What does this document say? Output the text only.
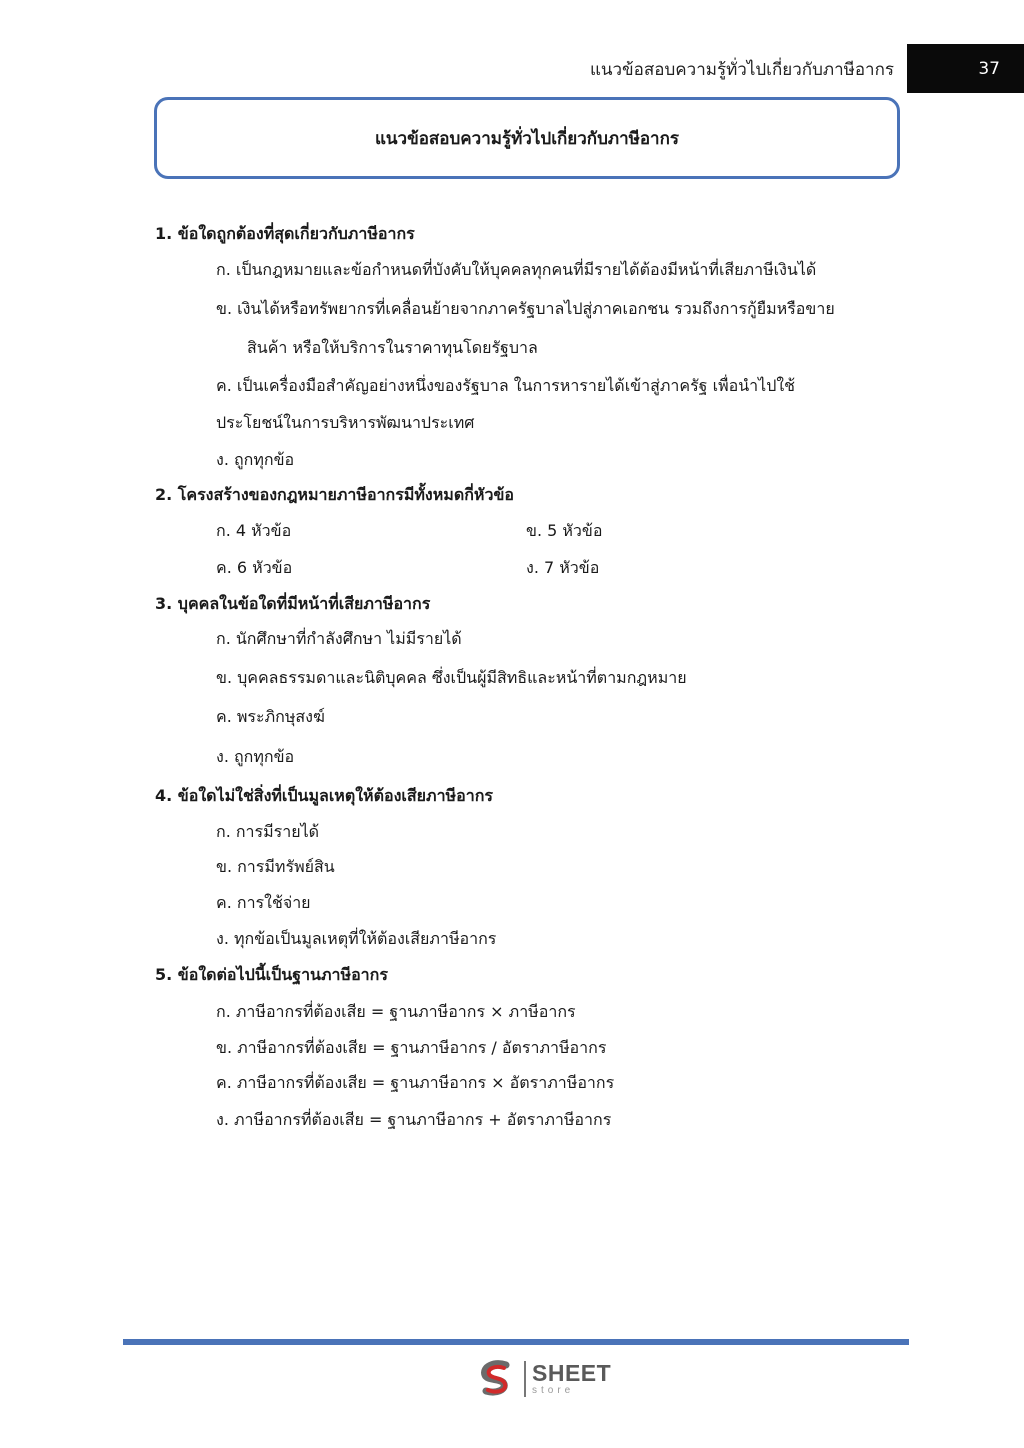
แนวข้อสอบความรู้ทั่วไปเกี่ยวกับภาษีอากร	37
แนวข้อสอบความรู้ทั่วไปเกี่ยวกับภาษีอากร
1. ข้อใดถูกต้องที่สุดเกี่ยวกับภาษีอากร
ก. เป็นกฎหมายและข้อกำหนดที่บังคับให้บุคคลทุกคนที่มีรายได้ต้องมีหน้าที่เสียภาษีเงินได้
ข. เงินได้หรือทรัพยากรที่เคลื่อนย้ายจากภาครัฐบาลไปสู่ภาคเอกชน รวมถึงการกู้ยืมหรือขาย
สินค้า หรือให้บริการในราคาทุนโดยรัฐบาล
ค. เป็นเครื่องมือสำคัญอย่างหนึ่งของรัฐบาล ในการหารายได้เข้าสู่ภาครัฐ เพื่อนำไปใช้
ประโยชน์ในการบริหารพัฒนาประเทศ
ง. ถูกทุกข้อ
2. โครงสร้างของกฎหมายภาษีอากรมีทั้งหมดกี่หัวข้อ
ก. 4 หัวข้อ	ข. 5 หัวข้อ
ค. 6 หัวข้อ	ง. 7 หัวข้อ
3. บุคคลในข้อใดที่มีหน้าที่เสียภาษีอากร
ก. นักศึกษาที่กำลังศึกษา ไม่มีรายได้
ข. บุคคลธรรมดาและนิติบุคคล ซึ่งเป็นผู้มีสิทธิและหน้าที่ตามกฎหมาย
ค. พระภิกษุสงฆ์
ง. ถูกทุกข้อ
4. ข้อใดไม่ใช่สิ่งที่เป็นมูลเหตุให้ต้องเสียภาษีอากร
ก. การมีรายได้
ข. การมีทรัพย์สิน
ค. การใช้จ่าย
ง. ทุกข้อเป็นมูลเหตุที่ให้ต้องเสียภาษีอากร
5. ข้อใดต่อไปนี้เป็นฐานภาษีอากร
ก. ภาษีอากรที่ต้องเสีย = ฐานภาษีอากร × ภาษีอากร
ข. ภาษีอากรที่ต้องเสีย = ฐานภาษีอากร / อัตราภาษีอากร
ค. ภาษีอากรที่ต้องเสีย = ฐานภาษีอากร × อัตราภาษีอากร
ง. ภาษีอากรที่ต้องเสีย = ฐานภาษีอากร + อัตราภาษีอากร
SHEET
store
